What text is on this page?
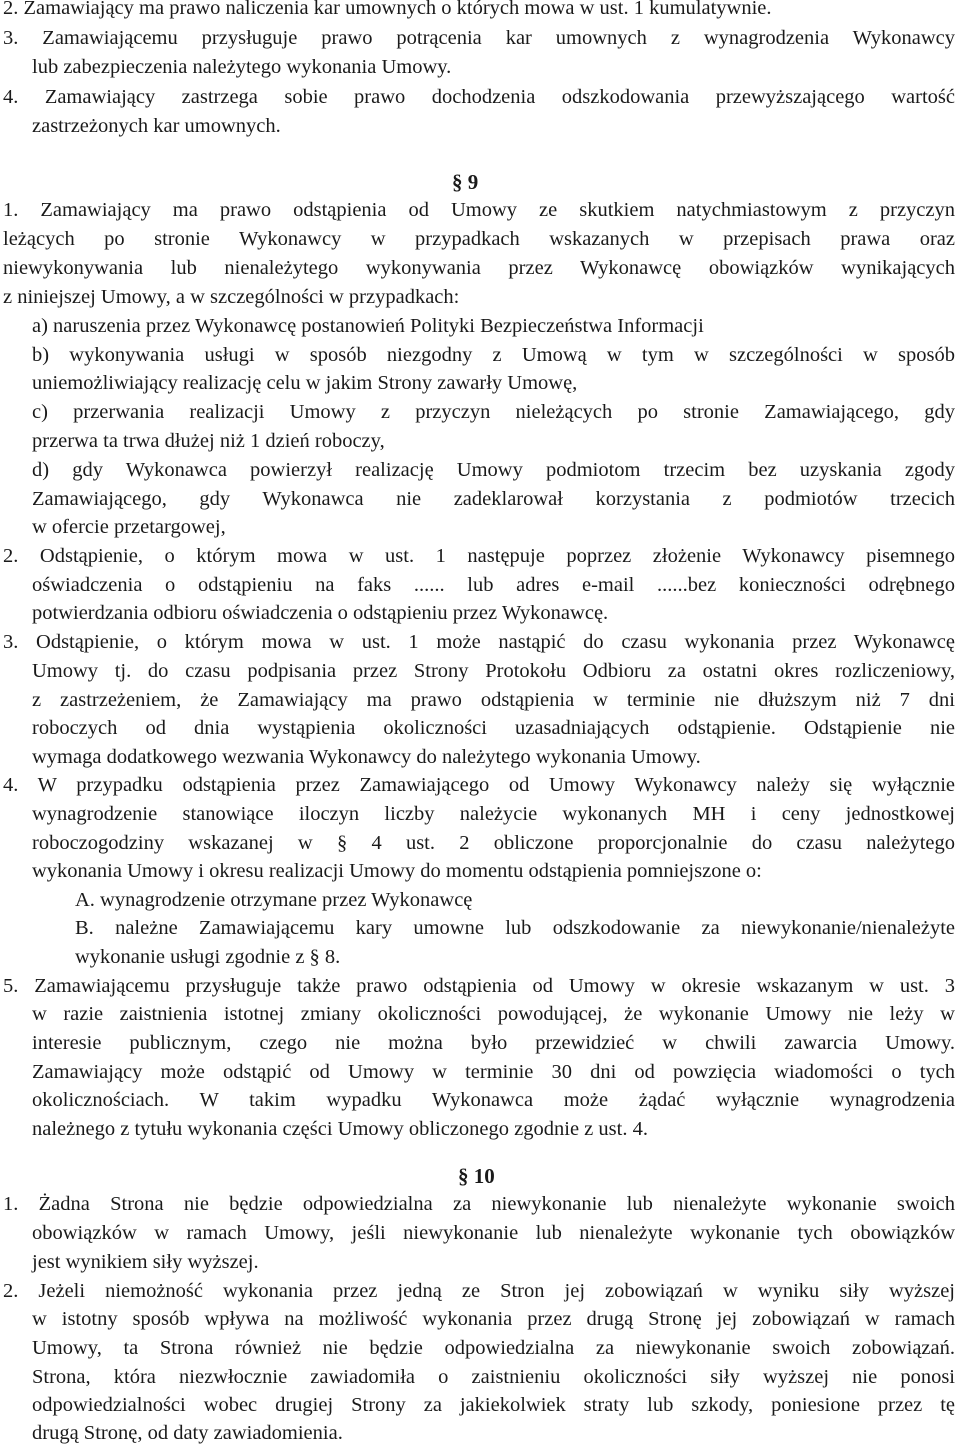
2. Zamawiający ma prawo naliczenia kar umownych o których mowa w ust. 1 kumulatywnie.
3. Zamawiającemu przysługuje prawo potrącenia kar umownych z wynagrodzenia Wykonawcy
lub zabezpieczenia należytego wykonania Umowy.
4. Zamawiający zastrzega sobie prawo dochodzenia odszkodowania przewyższającego wartość
zastrzeżonych kar umownych.
§ 9
1. Zamawiający ma prawo odstąpienia od Umowy ze skutkiem natychmiastowym z przyczyn
leżących po stronie Wykonawcy w przypadkach wskazanych w przepisach prawa oraz
niewykonywania lub nienależytego wykonywania przez Wykonawcę obowiązków wynikających
z niniejszej Umowy, a w szczególności w przypadkach:
a) naruszenia przez Wykonawcę postanowień Polityki Bezpieczeństwa Informacji
b) wykonywania usługi w sposób niezgodny z Umową w tym w szczególności w sposób
uniemożliwiający realizację celu w jakim Strony zawarły Umowę,
c) przerwania realizacji Umowy z przyczyn nieleżących po stronie Zamawiającego, gdy
przerwa ta trwa dłużej niż 1 dzień roboczy,
d) gdy Wykonawca powierzył realizację Umowy podmiotom trzecim bez uzyskania zgody
Zamawiającego, gdy Wykonawca nie zadeklarował korzystania z podmiotów trzecich
w ofercie przetargowej,
2. Odstąpienie, o którym mowa w ust. 1 następuje poprzez złożenie Wykonawcy pisemnego
oświadczenia o odstąpieniu na faks ...... lub adres e-mail ......bez konieczności odrębnego
potwierdzania odbioru oświadczenia o odstąpieniu przez Wykonawcę.
3. Odstąpienie, o którym mowa w ust. 1 może nastąpić do czasu wykonania przez Wykonawcę
Umowy tj. do czasu podpisania przez Strony Protokołu Odbioru za ostatni okres rozliczeniowy,
z zastrzeżeniem, że Zamawiający ma prawo odstąpienia w terminie nie dłuższym niż 7 dni
roboczych od dnia wystąpienia okoliczności uzasadniających odstąpienie. Odstąpienie nie
wymaga dodatkowego wezwania Wykonawcy do należytego wykonania Umowy.
4. W przypadku odstąpienia przez Zamawiającego od Umowy Wykonawcy należy się wyłącznie
wynagrodzenie stanowiące iloczyn liczby należycie wykonanych MH i ceny jednostkowej
roboczogodziny wskazanej w § 4 ust. 2 obliczone proporcjonalnie do czasu należytego
wykonania Umowy i okresu realizacji Umowy do momentu odstąpienia pomniejszone o:
A. wynagrodzenie otrzymane przez Wykonawcę
B. należne Zamawiającemu kary umowne lub odszkodowanie za niewykonanie/nienależyte
wykonanie usługi zgodnie z § 8.
5. Zamawiającemu przysługuje także prawo odstąpienia od Umowy w okresie wskazanym w ust. 3
w razie zaistnienia istotnej zmiany okoliczności powodującej, że wykonanie Umowy nie leży w
interesie publicznym, czego nie można było przewidzieć w chwili zawarcia Umowy.
Zamawiający może odstąpić od Umowy w terminie 30 dni od powzięcia wiadomości o tych
okolicznościach. W takim wypadku Wykonawca może żądać wyłącznie wynagrodzenia
należnego z tytułu wykonania części Umowy obliczonego zgodnie z ust. 4.
§ 10
1. Żadna Strona nie będzie odpowiedzialna za niewykonanie lub nienależyte wykonanie swoich
obowiązków w ramach Umowy, jeśli niewykonanie lub nienależyte wykonanie tych obowiązków
jest wynikiem siły wyższej.
2. Jeżeli niemożność wykonania przez jedną ze Stron jej zobowiązań w wyniku siły wyższej
w istotny sposób wpływa na możliwość wykonania przez drugą Stronę jej zobowiązań w ramach
Umowy, ta Strona również nie będzie odpowiedzialna za niewykonanie swoich zobowiązań.
Strona, która niezwłocznie zawiadomiła o zaistnieniu okoliczności siły wyższej nie ponosi
odpowiedzialności wobec drugiej Strony za jakiekolwiek straty lub szkody, poniesione przez tę
drugą Stronę, od daty zawiadomienia.
